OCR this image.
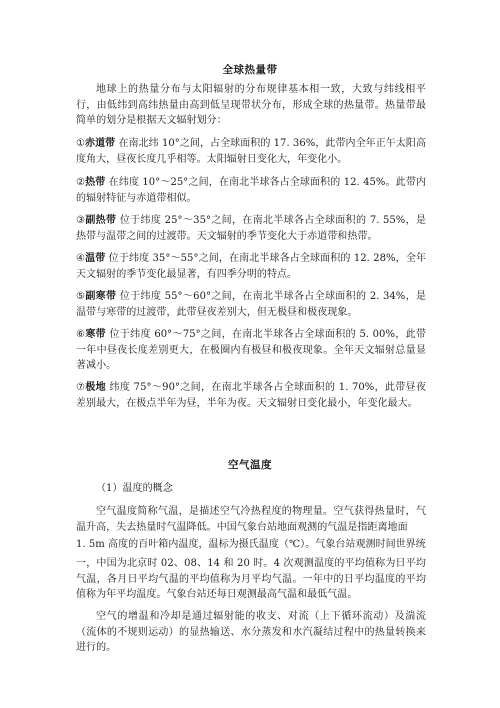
全球热量带
地球上的热量分布与太阳辐射的分布规律基本相一致，大致与纬线相平行，由低纬到高纬热量由高到低呈现带状分布，形成全球的热量带。热量带最简单的划分是根据天文辐射划分：
①赤道带 在南北纬 10°之间，占全球面积的 17. 36%，此带内全年正午太阳高度角大，昼夜长度几乎相等。太阳辐射日变化大，年变化小。
②热带 在纬度 10°～25°之间，在南北半球各占全球面积的 12. 45%。此带内的辐射特征与赤道带相似。
③副热带 位于纬度 25°～35°之间，在南北半球各占全球面积的 7. 55%，是热带与温带之间的过渡带。天文辐射的季节变化大于赤道带和热带。
④温带 位于纬度 35°～55°之间，在南北半球各占全球面积的 12. 28%，全年天文辐射的季节变化最显著，有四季分明的特点。
⑤副寒带 位于纬度 55°～60°之间，在南北半球各占全球面积的 2. 34%，是温带与寒带的过渡带，此带昼夜差别大，但无极昼和极夜现象。
⑥寒带 位于纬度 60°～75°之间，在南北半球各占全球面积的 5. 00%，此带一年中昼夜长度差别更大，在极圈内有极昼和极夜现象。全年天文辐射总量显著减小。
⑦极地 纬度 75°～90°之间，在南北半球各占全球面积的 1. 70%，此带昼夜差别最大，在极点半年为昼，半年为夜。天文辐射日变化最小，年变化最大。
空气温度
（1）温度的概念
空气温度简称气温，是描述空气冷热程度的物理量。空气获得热量时，气温升高，失去热量时气温降低。中国气象台站地面观测的气温是指距离地面
1. 5m 高度的百叶箱内温度，温标为摄氏温度（℃）。气象台站观测时间世界统
一，中国为北京时 02、08、14 和 20 时。4 次观测温度的平均值称为日平均气温，各月日平均气温的平均值称为月平均气温。一年中的日平均温度的平均值称为年平均温度。气象台站还每日观测最高气温和最低气温。
空气的增温和冷却是通过辐射能的收支、对流（上下循环流动）及湍流（流体的不规则运动）的显热输送、水分蒸发和水汽凝结过程中的热量转换来进行的。
